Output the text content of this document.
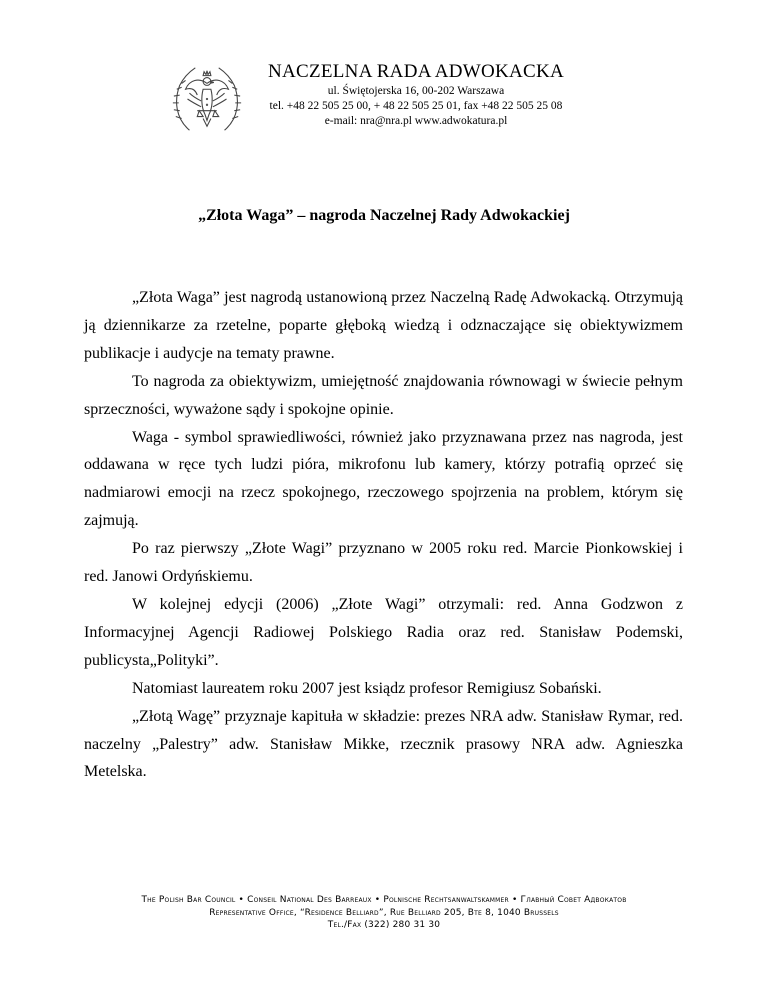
NACZELNA RADA ADWOKACKA
ul. Świętojerska 16, 00-202 Warszawa
tel. +48 22 505 25 00, + 48 22 505 25 01, fax +48 22 505 25 08
e-mail: nra@nra.pl www.adwokatura.pl
„Złota Waga” – nagroda Naczelnej Rady Adwokackiej

„Złota Waga” jest nagrodą ustanowioną przez Naczelną Radę Adwokacką. Otrzymują ją dziennikarze za rzetelne, poparte głęboką wiedzą i odznaczające się obiektywizmem publikacje i audycje na tematy prawne.

To nagroda za obiektywizm, umiejętność znajdowania równowagi w świecie pełnym sprzeczności, wyważone sądy i spokojne opinie.

Waga - symbol sprawiedliwości, również jako przyznawana przez nas nagroda, jest oddawana w ręce tych ludzi pióra, mikrofonu lub kamery, którzy potrafią oprzeć się nadmiarowi emocji na rzecz spokojnego, rzeczowego spojrzenia na problem, którym się zajmują.

Po raz pierwszy „Złote Wagi” przyznano w 2005 roku red. Marcie Pionkowskiej i red. Janowi Ordyńskiemu.

W kolejnej edycji (2006) „Złote Wagi” otrzymali: red. Anna Godzwon z Informacyjnej Agencji Radiowej Polskiego Radia oraz red. Stanisław Podemski, publicysta„Polityki”.

Natomiast laureatem roku 2007 jest ksiądz profesor Remigiusz Sobański.

„Złotą Wagę” przyznaje kapituła w składzie: prezes NRA adw. Stanisław Rymar, red. naczelny „Palestry” adw. Stanisław Mikke, rzecznik prasowy NRA adw. Agnieszka Metelska.

The Polish Bar Council • Conseil National Des Barreaux • Polnische Rechtsanwaltskammer • Главный Совет Адвокатов
Representative Office, “Residence Belliard”, Rue Belliard 205, Bte 8, 1040 Brussels
Tel./Fax (322) 280 31 30
